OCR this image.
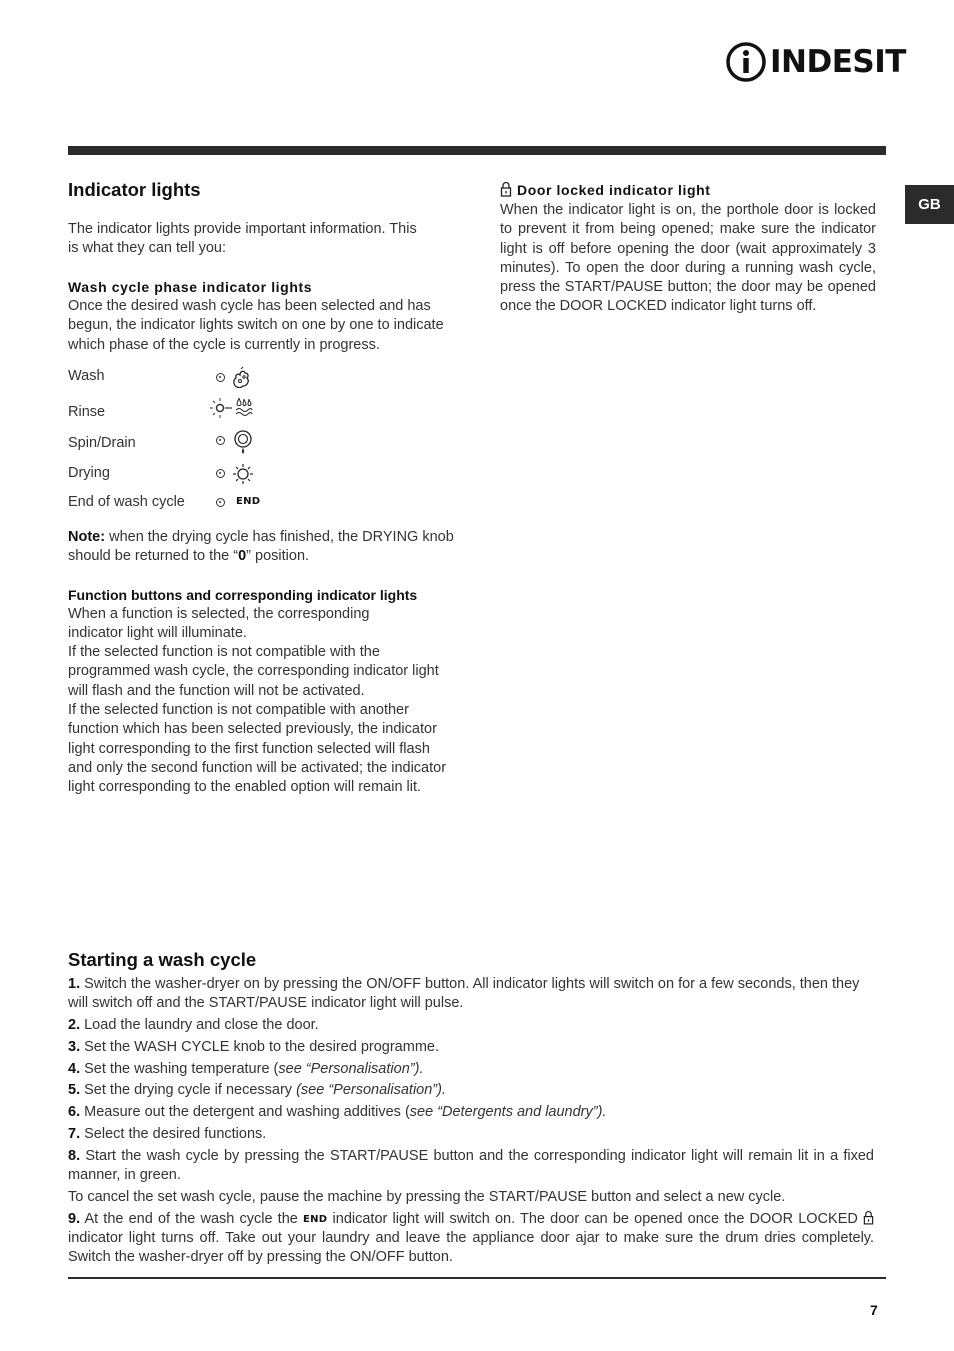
INDESIT
GB
Indicator lights

The indicator lights provide important information. This is what they can tell you:

Wash cycle phase indicator lights

Once the desired wash cycle has been selected and has begun, the indicator lights switch on one by one to indicate which phase of the cycle is currently in progress.

Wash
Rinse
Spin/Drain
Drying
End of wash cycle	END

Note: when the drying cycle has finished, the DRYING knob should be returned to the “0” position.

Function buttons and corresponding indicator lights

When a function is selected, the corresponding indicator light will illuminate.

If the selected function is not compatible with the programmed wash cycle, the corresponding indicator light will flash and the function will not be activated.

If the selected function is not compatible with another function which has been selected previously, the indicator light corresponding to the first function selected will flash and only the second function will be activated; the indicator light corresponding to the enabled option will remain lit.

Door locked indicator light

When the indicator light is on, the porthole door is locked to prevent it from being opened; make sure the indicator light is off before opening the door (wait approximately 3 minutes). To open the door during a running wash cycle, press the START/PAUSE button; the door may be opened once the DOOR LOCKED indicator light turns off.

Starting a wash cycle

1. Switch the washer-dryer on by pressing the ON/OFF button. All indicator lights will switch on for a few seconds, then they will switch off and the START/PAUSE indicator light will pulse.

2. Load the laundry and close the door.

3. Set the WASH CYCLE knob to the desired programme.

4. Set the washing temperature (see “Personalisation”).

5. Set the drying cycle if necessary (see “Personalisation”).

6. Measure out the detergent and washing additives (see “Detergents and laundry”).

7. Select the desired functions.

8. Start the wash cycle by pressing the START/PAUSE button and the corresponding indicator light will remain lit in a fixed manner, in green.

To cancel the set wash cycle, pause the machine by pressing the START/PAUSE button and select a new cycle.

9. At the end of the wash cycle the END indicator light will switch on. The door can be opened once the DOOR LOCKED  indicator light turns off. Take out your laundry and leave the appliance door ajar to make sure the drum dries completely. Switch the washer-dryer off by pressing the ON/OFF button.

7
